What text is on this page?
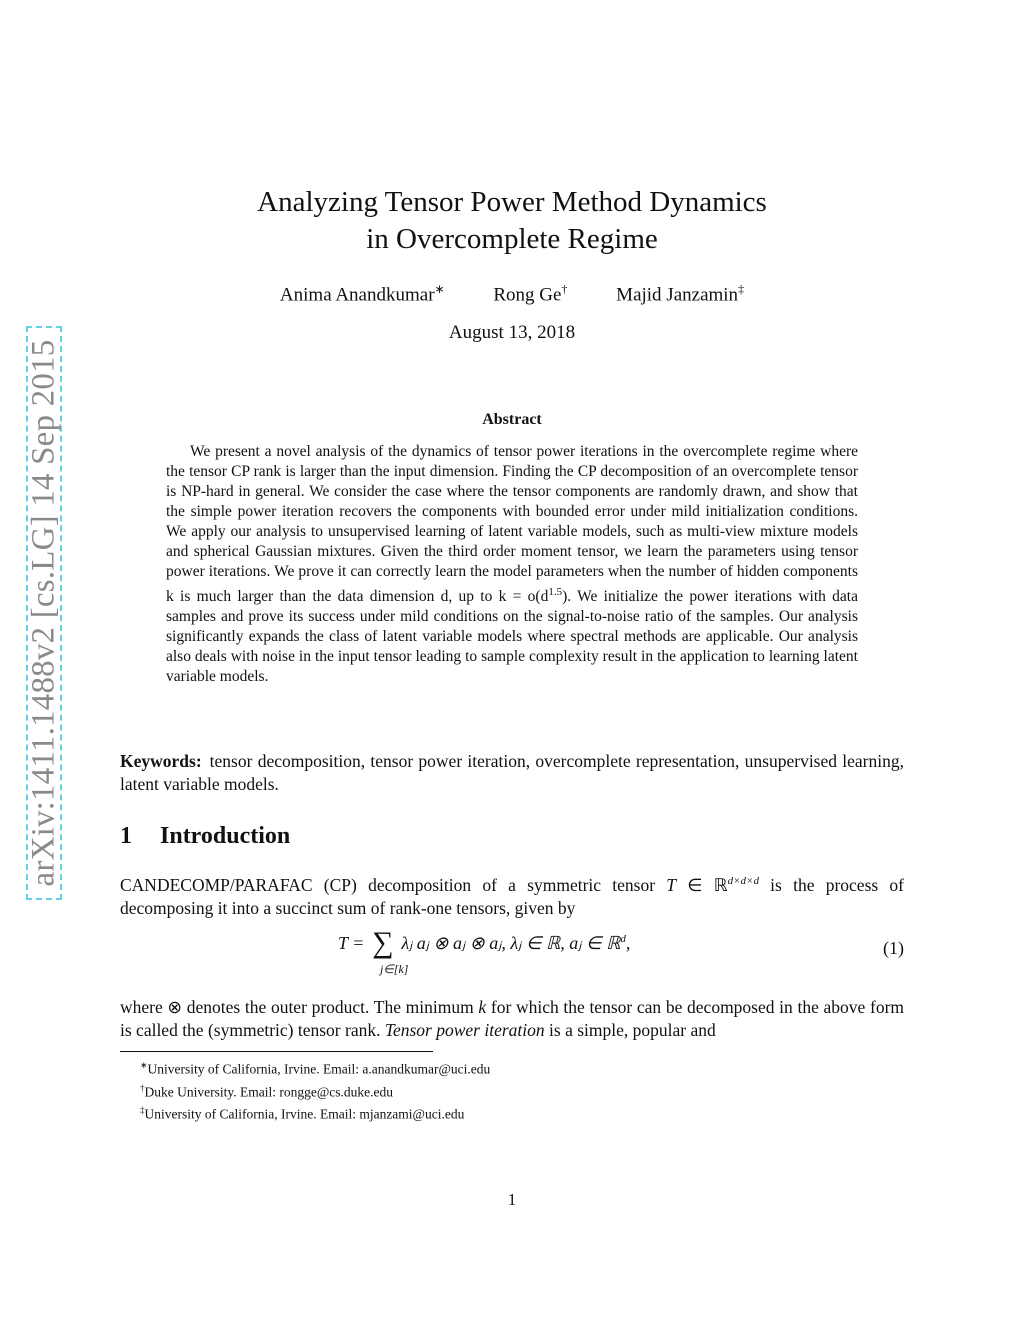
arXiv:1411.1488v2 [cs.LG] 14 Sep 2015
Analyzing Tensor Power Method Dynamics
in Overcomplete Regime
Anima Anandkumar∗	Rong Ge†	Majid Janzamin‡
August 13, 2018
Abstract

We present a novel analysis of the dynamics of tensor power iterations in the overcomplete regime where the tensor CP rank is larger than the input dimension. Finding the CP decomposition of an overcomplete tensor is NP-hard in general. We consider the case where the tensor components are randomly drawn, and show that the simple power iteration recovers the components with bounded error under mild initialization conditions. We apply our analysis to unsupervised learning of latent variable models, such as multi-view mixture models and spherical Gaussian mixtures. Given the third order moment tensor, we learn the parameters using tensor power iterations. We prove it can correctly learn the model parameters when the number of hidden components k is much larger than the data dimension d, up to $k = o(d^{1.5})$. We initialize the power iterations with data samples and prove its success under mild conditions on the signal-to-noise ratio of the samples. Our analysis significantly expands the class of latent variable models where spectral methods are applicable. Our analysis also deals with noise in the input tensor leading to sample complexity result in the application to learning latent variable models.

Keywords: tensor decomposition, tensor power iteration, overcomplete representation, unsupervised learning, latent variable models.

1 Introduction

CANDECOMP/PARAFAC (CP) decomposition of a symmetric tensor T ∈ ℝ$^{d\times d\times d}$ is the process of decomposing it into a succinct sum of rank-one tensors, given by

T = ∑ λⱼ aⱼ ⊗ aⱼ ⊗ aⱼ, λⱼ ∈ ℝ, aⱼ ∈ ℝ$^d$,
j∈[k]
(1)

where ⊗ denotes the outer product. The minimum k for which the tensor can be decomposed in the above form is called the (symmetric) tensor rank. Tensor power iteration is a simple, popular and

∗University of California, Irvine. Email: a.anandkumar@uci.edu
†Duke University. Email: rongge@cs.duke.edu
‡University of California, Irvine. Email: mjanzami@uci.edu
1
